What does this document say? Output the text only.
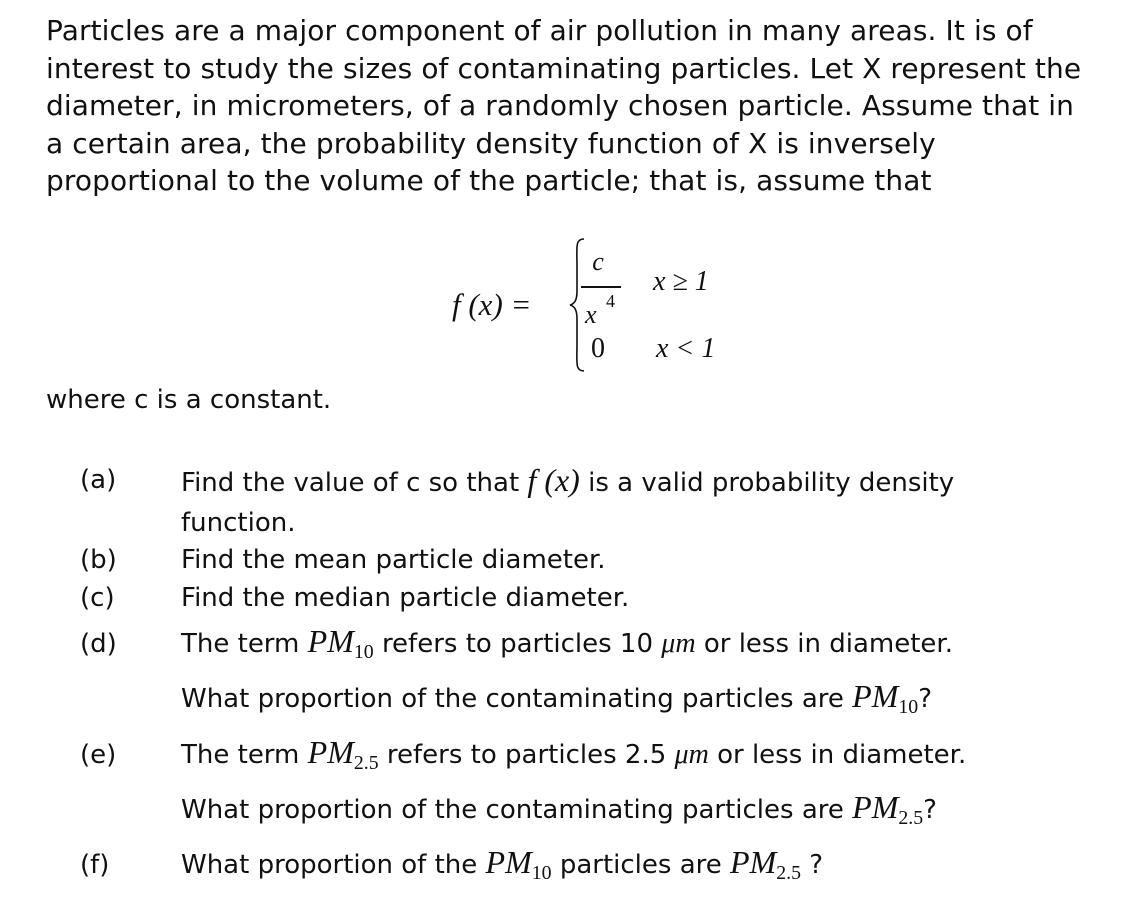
Particles are a major component of air pollution in many areas. It is of
interest to study the sizes of contaminating particles. Let X represent the
diameter, in micrometers, of a randomly chosen particle. Assume that in
a certain area, the probability density function of X is inversely
proportional to the volume of the particle; that is, assume that
f (x) =
c
x 4
0
x ≥ 1
x < 1
where c is a constant.
(a) Find the value of c so that f (x) is a valid probability density
function.
(b) Find the mean particle diameter.
(c)	Find the median particle diameter.
(d) The term PM10 refers to particles 10 μm or less in diameter.
What proportion of the contaminating particles are PM10?
(e) The term PM2.5 refers to particles 2.5 μm or less in diameter.
What proportion of the contaminating particles are PM2.5?
(f)	What proportion of the PM10 particles are PM2.5 ?
